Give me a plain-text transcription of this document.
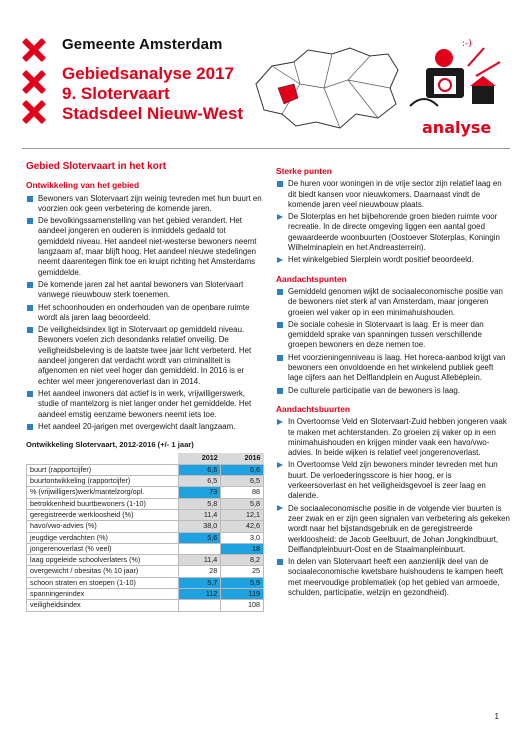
Gemeente Amsterdam
Gebiedsanalyse 2017
9. Slotervaart
Stadsdeel Nieuw-West
:-)
analyse
Gebied Slotervaart in het kort
Ontwikkeling van het gebied
Bewoners van Slotervaart zijn weinig tevreden met hun buurt en voorzien ook geen verbetering de komende jaren.
De bevolkingssamenstelling van het gebied verandert. Het aandeel jongeren en ouderen is inmiddels gedaald tot gemiddeld niveau. Het aandeel niet-westerse bewoners neemt langzaam af, maar blijft hoog. Het aandeel nieuwe stedelingen neemt daarentegen flink toe en kruipt richting het Amsterdams gemiddelde.
De komende jaren zal het aantal bewoners van Slotervaart vanwege nieuwbouw sterk toenemen.
Het schoonhouden en onderhouden van de openbare ruimte wordt als jaren laag beoordeeld.
De veiligheidsindex ligt in Slotervaart op gemiddeld niveau. Bewoners voelen zich desondanks relatief onveilig. De veiligheidsbeleving is de laatste twee jaar licht verbeterd. Het aandeel jongeren dat verdacht wordt van criminaliteit is afgenomen en niet veel hoger dan gemiddeld. In 2016 is er echter wel meer jongerenoverlast dan in 2014.
Het aandeel inwoners dat actief is in werk, vrijwilligerswerk, studie of mantelzorg is niet langer onder het gemiddelde. Het aandeel emstig eenzame bewoners neemt iets toe.
Het aandeel 20-jarigen met overgewicht daalt langzaam.
Ontwikkeling Slotervaart, 2012-2016 (+/- 1 jaar)
	2012	2016
buurt (rapportcijfer)	6,6	6,6
buurtontwikkeling (rapportcijfer)	6,5	6,5
% (vrijwilligers)werk/mantelzorg/opl.	73	88
betrokkenheid buurtbewoners (1-10)	5,8	5,8
geregistreerde werkloosheid (%)	11,4	12,1
havo/vwo-advies (%)	38,0	42,6
jeugdige verdachten (%)	5,6	3,0
jongerenoverlast (% veel)		18
laag opgeleide schoolverlaters (%)	11,4	8,2
overgewicht / obesitas (% 10 jaar)	28	25
schoon straten en stoepen (1-10)	5,7	5,9
spanningenindex	112	119
veiligheidsindex		108
Sterke punten
De huren voor woningen in de vrije sector zijn relatief laag en dit biedt kansen voor nieuwkomers. Daarnaast vindt de komende jaren veel nieuwbouw plaats.
De Sloterplas en het bijbehorende groen bieden ruimte voor recreatie. In de directe omgeving liggen een aantal goed gewaardeerde woonbuurten (Oostoever Sloterplas, Koningin Wilhelminaplein en het Andreasterrein).
Het winkelgebied Sierplein wordt positief beoordeeld.
Aandachtspunten
Gemiddeld genomen wijkt de sociaaleconomische positie van de bewoners niet sterk af van Amsterdam, maar jongeren groeien wel vaker op in een minimahuishouden.
De sociale cohesie in Slotervaart is laag. Er is meer dan gemiddeld sprake van spanningen tussen verschillende groepen bewoners en deze nemen toe.
Het voorzieningenniveau is laag. Het horeca-aanbod krijgt van bewoners een onvoldoende en het winkelend publiek geeft lage cijfers aan het Delflandplein en August Allebéplein.
De culturele participatie van de bewoners is laag.
Aandachtsbuurten
In Overtoomse Veld en Slotervaart-Zuid hebben jongeren vaak te maken met achterstanden. Zo groeien zij vaker op in een minimahuishouden en krijgen minder vaak een havo/vwo-advies. In beide wijken is relatief veel jongerenoverlast.
In Overtoomse Veld zijn bewoners minder tevreden met hun buurt. De verloederingsscore is hier hoog, er is verkeersoverlast en het veiligheidsgevoel is zeer laag en dalende.
De sociaaleconomische positie in de volgende vier buurten is zeer zwak en er zijn geen signalen van verbetering als gekeken wordt naar het bijstandsgebruik en de geregistreerde werkloosheid: de Jacob Geelbuurt, de Johan Jongkindbuurt, Delflandpleinbuurt-Oost en de Staalmanpleinbuurt.
In delen van Slotervaart heeft een aanzienlijk deel van de sociaaleconomische kwetsbare huishoudens te kampen heeft met meervoudige problematiek (op het gebied van armoede, schulden, participatie, welzijn en gezondheid).
1
